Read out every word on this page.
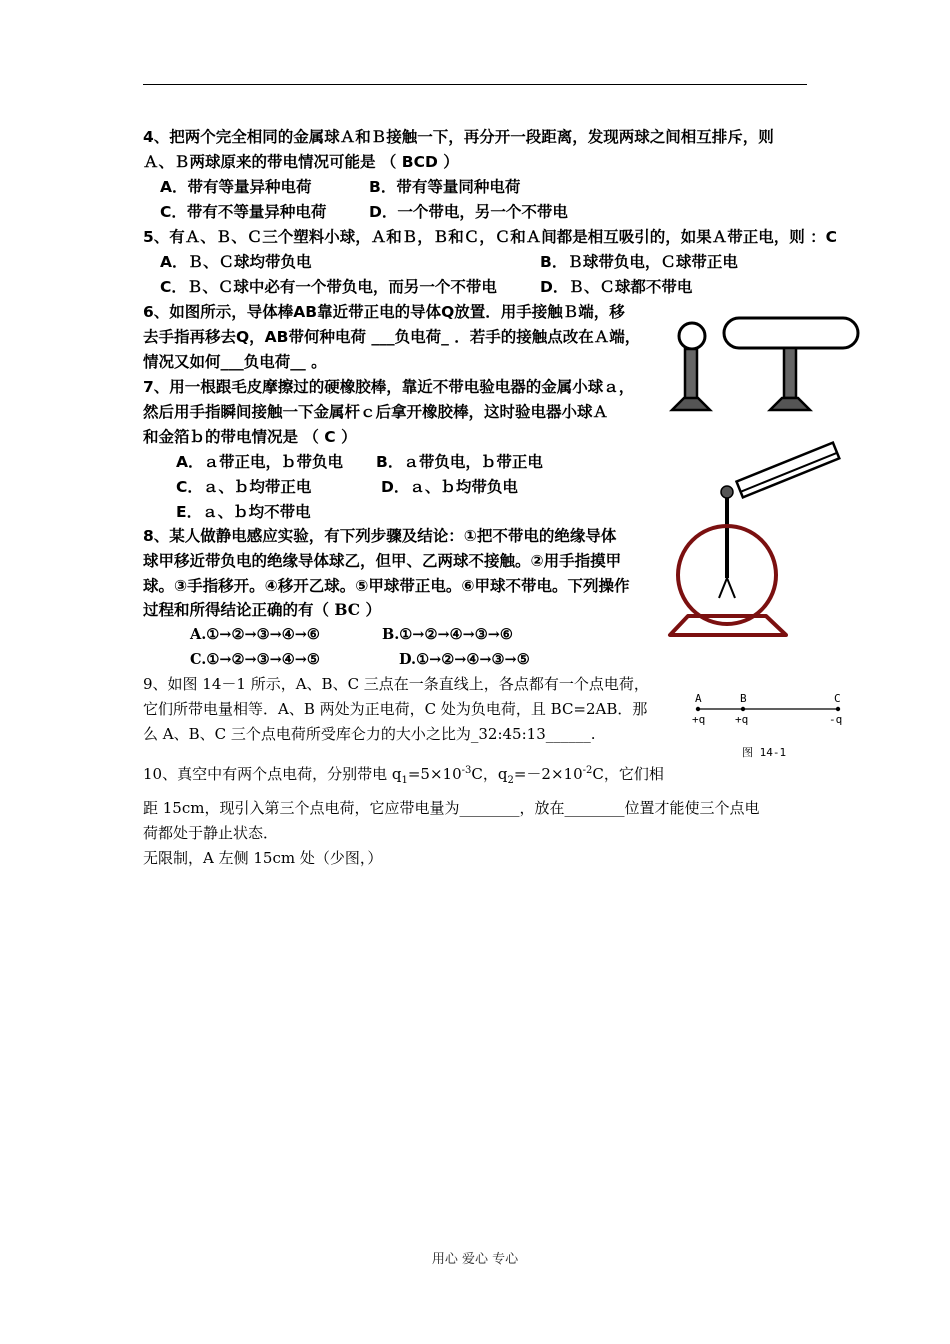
4、把两个完全相同的金属球Ａ和Ｂ接触一下，再分开一段距离，发现两球之间相互排斥，则
Ａ、Ｂ两球原来的带电情况可能是 （ BCD ）
A．带有等量异种电荷	B．带有等量同种电荷
C．带有不等量异种电荷	D．一个带电，另一个不带电
5、有Ａ、Ｂ、Ｃ三个塑料小球，Ａ和Ｂ，Ｂ和Ｃ，Ｃ和Ａ间都是相互吸引的，如果Ａ带正电，则 ：C
A．Ｂ、Ｃ球均带负电	B．Ｂ球带负电，Ｃ球带正电
C．Ｂ、Ｃ球中必有一个带负电，而另一个不带电	D．Ｂ、Ｃ球都不带电
6、如图所示，导体棒AB靠近带正电的导体Q放置．用手接触Ｂ端，移
去手指再移去Q，AB带何种电荷 ___负电荷_ ．若手的接触点改在Ａ端，
情况又如何___负电荷__ 。
7、用一根跟毛皮摩擦过的硬橡胶棒，靠近不带电验电器的金属小球ａ，
然后用手指瞬间接触一下金属杆ｃ后拿开橡胶棒，这时验电器小球Ａ
和金箔ｂ的带电情况是 （ C ）
A．ａ带正电，ｂ带负电 B．ａ带负电，ｂ带正电
C．ａ、ｂ均带正电	D．ａ、ｂ均带负电
E．ａ、ｂ均不带电
8、某人做静电感应实验，有下列步骤及结论：①把不带电的绝缘导体
球甲移近带负电的绝缘导体球乙，但甲、乙两球不接触。②用手指摸甲
球。③手指移开。④移开乙球。⑤甲球带正电。⑥甲球不带电。下列操作
过程和所得结论正确的有（ BC ）
A.①→②→③→④→⑥	B.①→②→④→③→⑥
C.①→②→③→④→⑤	D.①→②→④→③→⑤
9、如图 14－1 所示，A、B、C 三点在一条直线上，各点都有一个点电荷，
它们所带电量相等．A、B 两处为正电荷，C 处为负电荷，且 BC=2AB．那
么 A、B、C 三个点电荷所受库仑力的大小之比为_32:45:13______.
10、真空中有两个点电荷，分别带电 $q_1=5\times 10^{-3}C$，$q_2=-2\times 10^{-2}C$，它们相
距 15cm，现引入第三个点电荷，它应带电量为________，放在________位置才能使三个点电
荷都处于静止状态．
无限制，A 左侧 15cm 处（少图，）
A	B	C
+q	+q	-q
图 14-1
用心 爱心 专心
